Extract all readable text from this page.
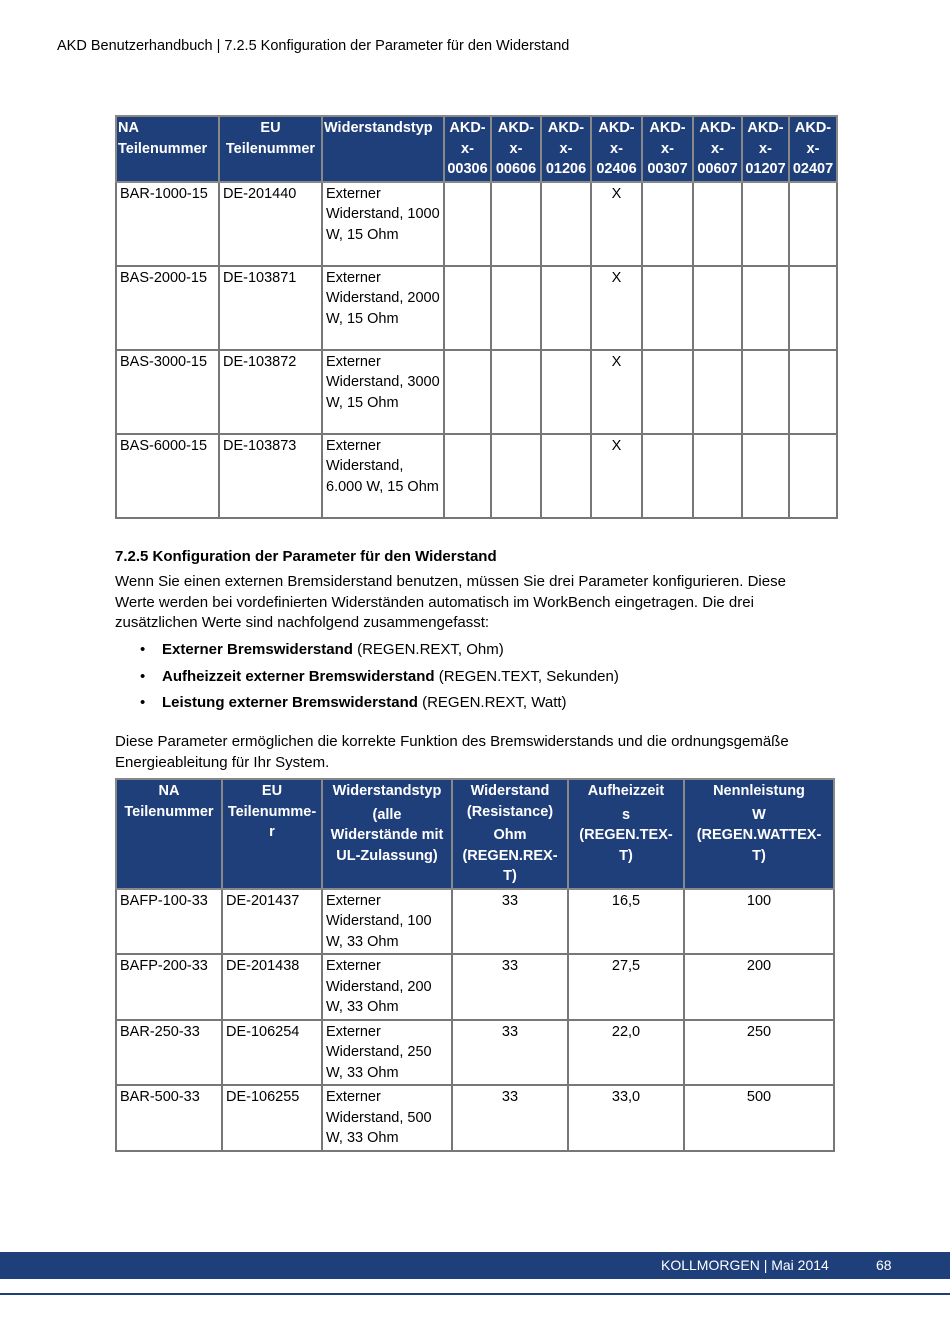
AKD Benutzerhandbuch | 7.2.5 Konfiguration der Parameter für den Widerstand
NA
Teilenummer	EU
Teilenummer	Widerstandstyp	AKD-
x-
00306	AKD-
x-
00606	AKD-
x-
01206	AKD-
x-
02406	AKD-
x-
00307	AKD-
x-
00607	AKD-
x-
01207	AKD-
x-
02407
BAR-1000-15	DE-201440	Externer Widerstand, 1000 W, 15 Ohm				X				
BAS-2000-15	DE-103871	Externer Widerstand, 2000 W, 15 Ohm				X				
BAS-3000-15	DE-103872	Externer Widerstand, 3000 W, 15 Ohm				X				
BAS-6000-15	DE-103873	Externer Widerstand, 6.000 W, 15 Ohm				X				
7.2.5 Konfiguration der Parameter für den Widerstand
Wenn Sie einen externen Bremsiderstand benutzen, müssen Sie drei Parameter konfigurieren. Diese Werte werden bei vordefinierten Widerständen automatisch im WorkBench eingetragen. Die drei zusätzlichen Werte sind nachfolgend zusammengefasst:
• Externer Bremswiderstand (REGEN.REXT, Ohm)
• Aufheizzeit externer Bremswiderstand (REGEN.TEXT, Sekunden)
• Leistung externer Bremswiderstand (REGEN.REXT, Watt)
Diese Parameter ermöglichen die korrekte Funktion des Bremswiderstands und die ordnungsgemäße Energieableitung für Ihr System.
NA
Teilenummer	EU
Teilenumme-
r	Widerstandstyp
(alle
Widerstände mit
UL-Zulassung)	Widerstand
(Resistance)
Ohm
(REGEN.REX-
T)	Aufheizzeit
s
(REGEN.TEX-
T)	Nennleistung
W
(REGEN.WATTEX-
T)

BAFP-100-33	DE-201437	Externer Widerstand, 100 W, 33 Ohm	33	16,5	100
BAFP-200-33	DE-201438	Externer Widerstand, 200 W, 33 Ohm	33	27,5	200
BAR-250-33	DE-106254	Externer Widerstand, 250 W, 33 Ohm	33	22,0	250
BAR-500-33	DE-106255	Externer Widerstand, 500 W, 33 Ohm	33	33,0	500
KOLLMORGEN | Mai 2014	68
